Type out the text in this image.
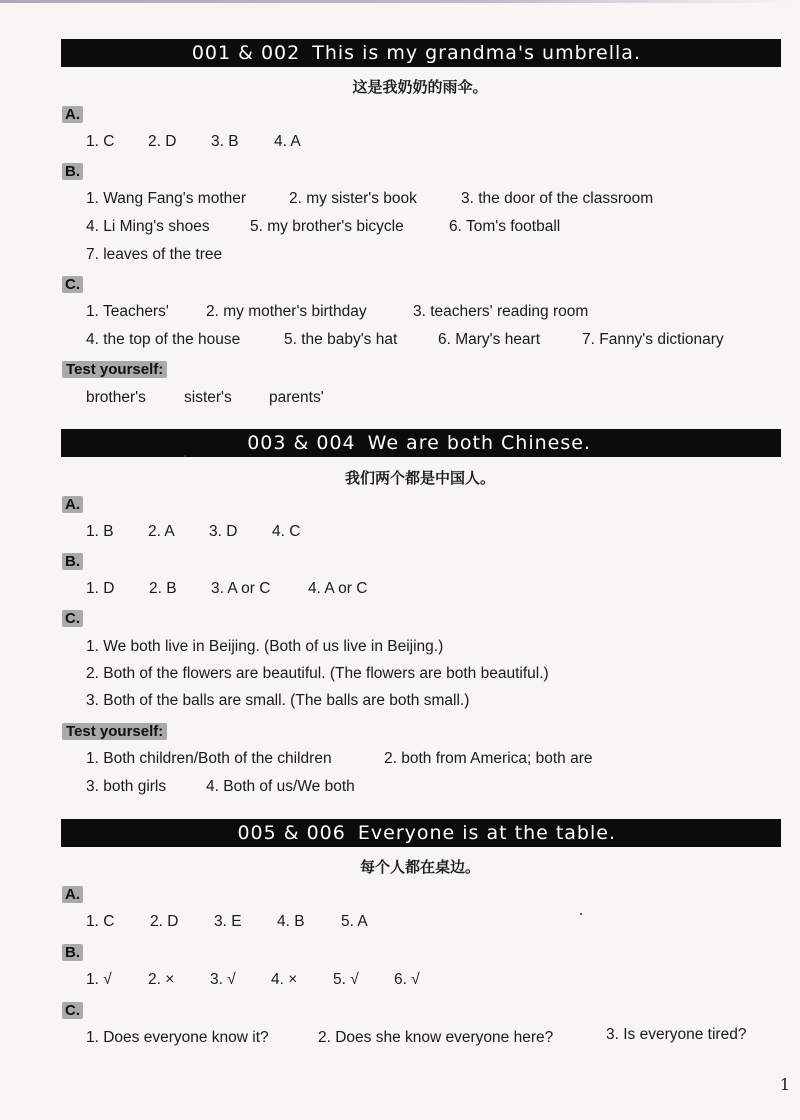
001 & 002 This is my grandma's umbrella.
这是我奶奶的雨伞。
A.
1. C 2. D 3. B 4. A
B.
1. Wang Fang's mother	2. my sister's book	3. the door of the classroom
4. Li Ming's shoes	5. my brother's bicycle	6. Tom's football
7. leaves of the tree
C.
1. Teachers' 2. my mother's birthday	3. teachers' reading room
4. the top of the house	5. the baby's hat	6. Mary's heart	7. Fanny's dictionary
Test yourself:
brother's sister's parents'
003 & 004 We are both Chinese.
我们两个都是中国人。
A.
1. B 2. A 3. D 4. C
B.
1. D 2. B 3. A or C 4. A or C
C.
1. We both live in Beijing. (Both of us live in Beijing.)
2. Both of the flowers are beautiful. (The flowers are both beautiful.)
3. Both of the balls are small. (The balls are both small.)
Test yourself:
1. Both children/Both of the children	2. both from America; both are
3. both girls	4. Both of us/We both
005 & 006 Everyone is at the table.
每个人都在桌边。
A.
1. C 2. D 3. E 4. B 5. A
B.
1. √ 2. × 3. √ 4. × 5. √ 6. √
C.
1. Does everyone know it?	2. Does she know everyone here?	3. Is everyone tired?
1
